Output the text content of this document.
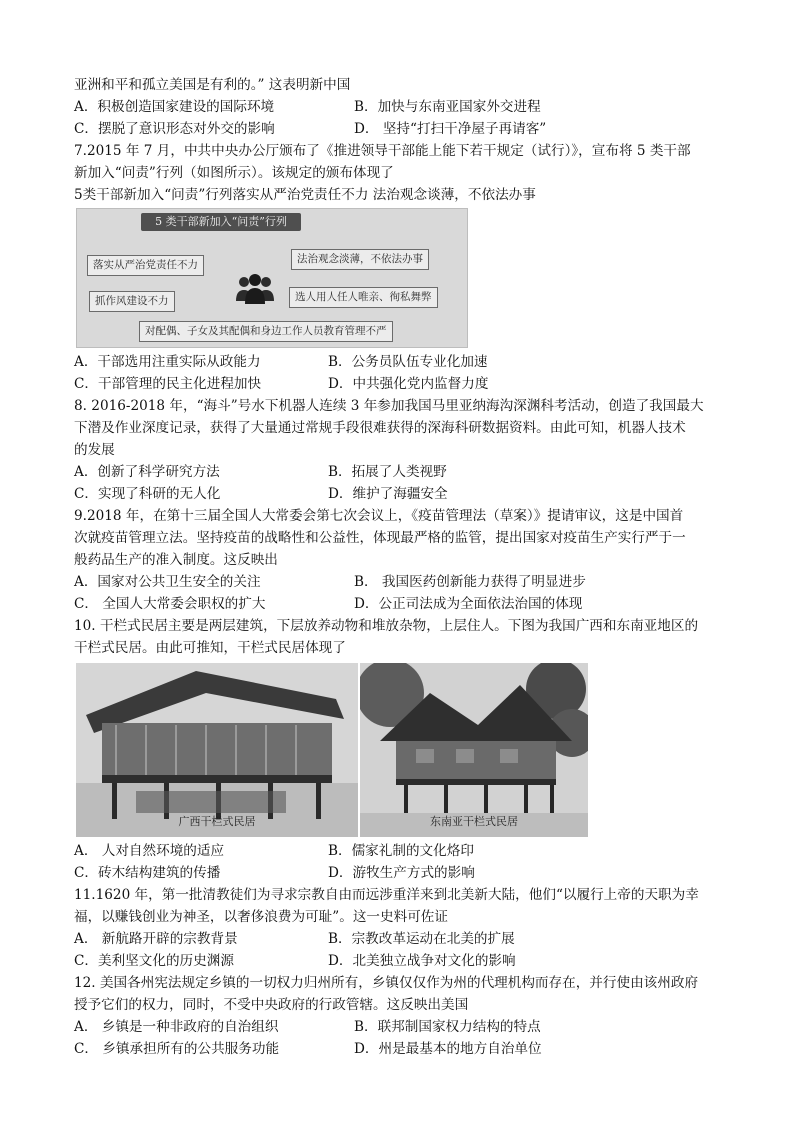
亚洲和平和孤立美国是有利的。” 这表明新中国
A．积极创造国家建设的国际环境	B．加快与东南亚国家外交进程
C．摆脱了意识形态对外交的影响	D． 坚持“打扫干净屋子再请客”
7.2015 年 7 月，中共中央办公厅颁布了《推进领导干部能上能下若干规定（试行）》，宣布将 5 类干部
新加入“问责”行列（如图所示）。该规定的颁布体现了
5类干部新加入“问责”行列落实从严治党责任不力 法治观念谈薄，不依法办事
5 类干部新加入“问责”行列
落实从严治党责任不力	法治观念淡薄，不依法办事
抓作风建设不力	选人用人任人唯亲、徇私舞弊
对配偶、子女及其配偶和身边工作人员教育管理不严
A．干部选用注重实际从政能力	B．公务员队伍专业化加速
C．干部管理的民主化进程加快	D．中共强化党内监督力度
8. 2016-2018 年，“海斗”号水下机器人连续 3 年参加我国马里亚纳海沟深渊科考活动，创造了我国最大
下潜及作业深度记录，获得了大量通过常规手段很难获得的深海科研数据资料。由此可知，机器人技术
的发展
A．创新了科学研究方法	B．拓展了人类视野
C．实现了科研的无人化	D．维护了海疆安全
9.2018 年，在第十三届全国人大常委会第七次会议上，《疫苗管理法（草案）》提请审议，这是中国首
次就疫苗管理立法。坚持疫苗的战略性和公益性，体现最严格的监管，提出国家对疫苗生产实行严于一
般药品生产的准入制度。这反映出
A．国家对公共卫生安全的关注	B． 我国医药创新能力获得了明显进步
C． 全国人大常委会职权的扩大	D．公正司法成为全面依法治国的体现
10. 干栏式民居主要是两层建筑，下层放养动物和堆放杂物，上层住人。下图为我国广西和东南亚地区的
干栏式民居。由此可推知，干栏式民居体现了
广西干栏式民居	东南亚干栏式民居
A． 人对自然环境的适应	B．儒家礼制的文化烙印
C．砖木结构建筑的传播	D．游牧生产方式的影响
11.1620 年，第一批清教徒们为寻求宗教自由而远涉重洋来到北美新大陆，他们“以履行上帝的天职为幸
福，以赚钱创业为神圣，以奢侈浪费为可耻”。这一史料可佐证
A． 新航路开辟的宗教背景	B．宗教改革运动在北美的扩展
C．美利坚文化的历史渊源	D．北美独立战争对文化的影响
12. 美国各州宪法规定乡镇的一切权力归州所有，乡镇仅仅作为州的代理机构而存在，并行使由该州政府
授予它们的权力，同时，不受中央政府的行政管辖。这反映出美国
A． 乡镇是一种非政府的自治组织	B．联邦制国家权力结构的特点
C． 乡镇承担所有的公共服务功能	D．州是最基本的地方自治单位
